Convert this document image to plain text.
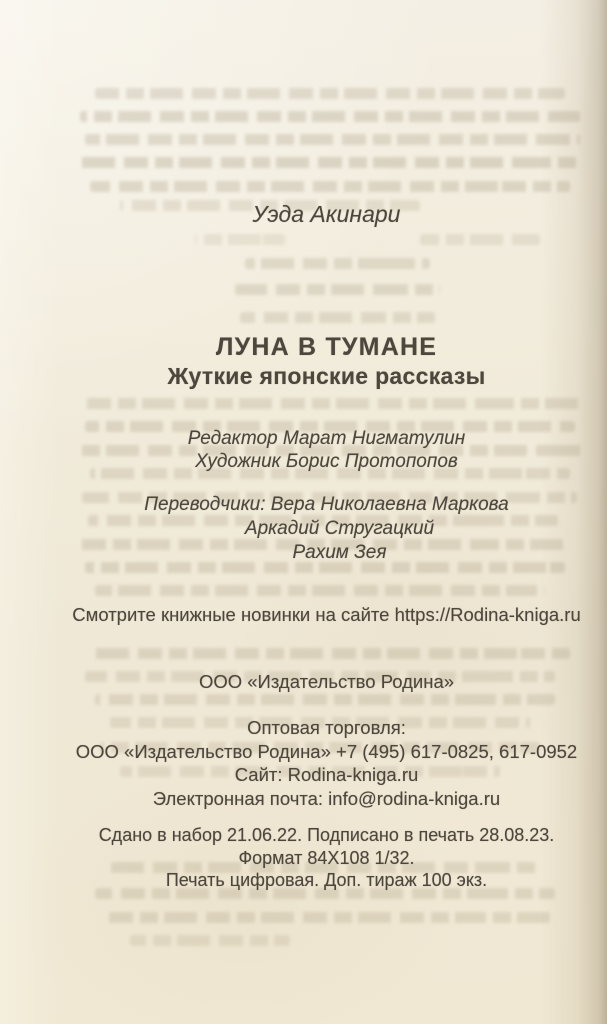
Уэда Акинари

ЛУНА В ТУМАНЕ

Жуткие японские рассказы

Редактор Марат Нигматулин
Художник Борис Протопопов
Переводчики: Вера Николаевна Маркова
Аркадий Стругацкий
Рахим Зея

Смотрите книжные новинки на сайте https://Rodina-kniga.ru

ООО «Издательство Родина»

Оптовая торговля:
ООО «Издательство Родина» +7 (495) 617-0825, 617-0952
Сайт: Rodina-kniga.ru
Электронная почта: info@rodina-kniga.ru
Сдано в набор 21.06.22. Подписано в печать 28.08.23.
Формат 84Х108 1/32.
Печать цифровая. Доп. тираж 100 экз.
